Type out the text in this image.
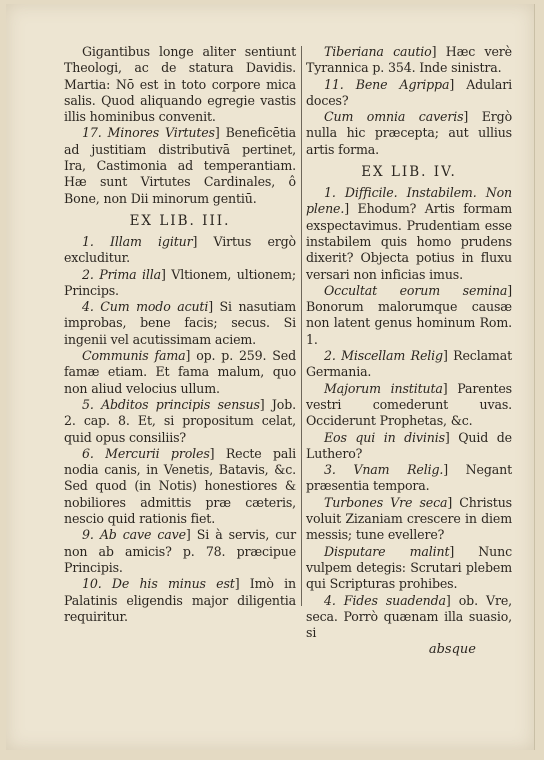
Gigantibus longe aliter sentiunt Theologi, ac de statura Davidis. Martia: Nō est in toto corpore mica salis. Quod aliquando egregie vastis illis hominibus convenit.

17. Minores Virtutes] Beneficētia ad justitiam distributivā pertinet, Ira, Castimonia ad temperantiam. Hæ sunt Virtutes Cardinales, ô Bone, non Dii minorum gentiū.

EX LIB. III.

1. Illam igitur] Virtus ergò excluditur.

2. Prima illa] Vltionem, ultionem; Princips.

4. Cum modo acuti] Si nasutiam improbas, bene facis; secus. Si ingenii vel acutissimam aciem.

Communis fama] op. p. 259. Sed famæ etiam. Et fama malum, quo non aliud velocius ullum.

5. Abditos principis sensus] Job. 2. cap. 8. Et, si propositum celat, quid opus consiliis?

6. Mercurii proles] Recte pali nodia canis, in Venetis, Batavis, &c. Sed quod (in Notis) honestiores & nobiliores admittis præ cæteris, nescio quid rationis fiet.

9. Ab cave cave] Si à servis, cur non ab amicis? p. 78. præcipue Principis.

10. De his minus est] Imò in Palatinis eligendis major diligentia requiritur.

Tiberiana cautio] Hæc verè Tyrannica p. 354. Inde sinistra.

11. Bene Agrippa] Adulari doces?

Cum omnia caveris] Ergò nulla hic præcepta; aut ullius artis forma.

EX LIB. IV.

1. Difficile. Instabilem. Non plene.] Ehodum? Artis formam exspectavimus. Prudentiam esse instabilem quis homo prudens dixerit? Objecta potius in fluxu versari non inficias imus.

Occultat eorum semina] Bonorum malorumque causæ non latent genus hominum Rom. 1.

2. Miscellam Relig] Reclamat Germania.

Majorum instituta] Parentes vestri comederunt uvas. Occiderunt Prophetas, &c.

Eos qui in divinis] Quid de Luthero?

3. Vnam Relig.] Negant præsentia tempora.

Turbones Vre seca] Christus voluit Zizaniam crescere in diem messis; tune evellere?

Disputare malint] Nunc vulpem detegis: Scrutari plebem qui Scripturas prohibes.

4. Fides suadenda] ob. Vre, seca. Porrò quænam illa suasio, si

absque
